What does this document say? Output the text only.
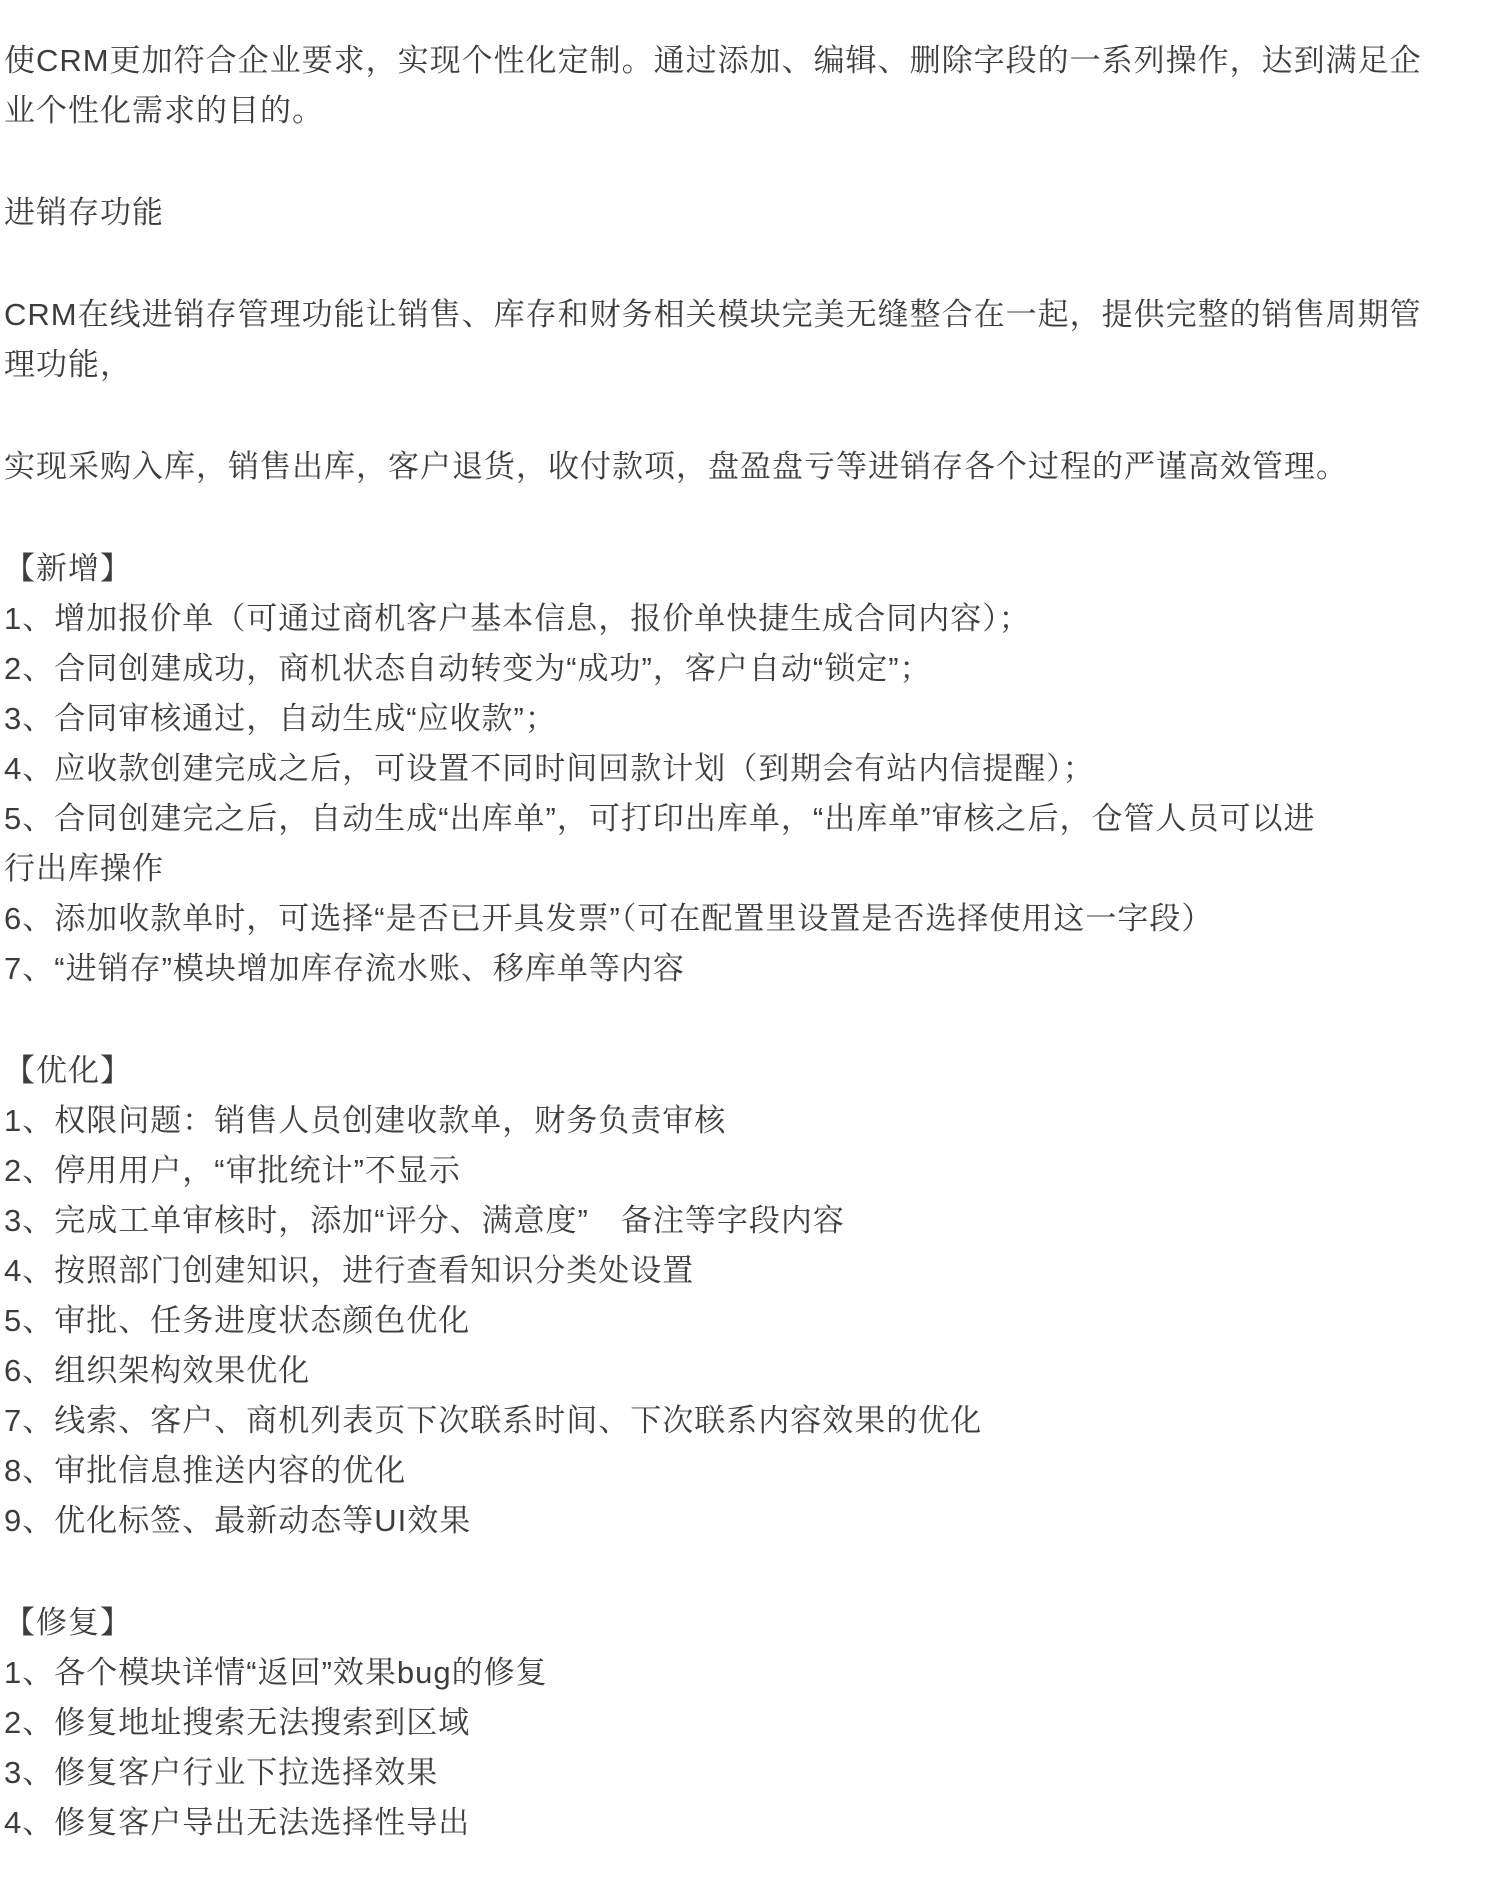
使CRM更加符合企业要求，实现个性化定制。通过添加、编辑、删除字段的一系列操作，达到满足企
业个性化需求的目的。
进销存功能
CRM在线进销存管理功能让销售、库存和财务相关模块完美无缝整合在一起，提供完整的销售周期管
理功能，
实现采购入库，销售出库，客户退货，收付款项，盘盈盘亏等进销存各个过程的严谨高效管理。
【新增】
1、增加报价单（可通过商机客户基本信息，报价单快捷生成合同内容）；
2、合同创建成功，商机状态自动转变为“成功”，客户自动“锁定”；
3、合同审核通过，自动生成“应收款”；
4、应收款创建完成之后，可设置不同时间回款计划（到期会有站内信提醒）；
5、合同创建完之后，自动生成“出库单”，可打印出库单，“出库单”审核之后，仓管人员可以进
行出库操作
6、添加收款单时，可选择“是否已开具发票”（可在配置里设置是否选择使用这一字段）
7、“进销存”模块增加库存流水账、移库单等内容
【优化】
1、权限问题：销售人员创建收款单，财务负责审核
2、停用用户，“审批统计”不显示
3、完成工单审核时，添加“评分、满意度”　备注等字段内容
4、按照部门创建知识，进行查看知识分类处设置
5、审批、任务进度状态颜色优化
6、组织架构效果优化
7、线索、客户、商机列表页下次联系时间、下次联系内容效果的优化
8、审批信息推送内容的优化
9、优化标签、最新动态等UI效果
【修复】
1、各个模块详情“返回”效果bug的修复
2、修复地址搜索无法搜索到区域
3、修复客户行业下拉选择效果
4、修复客户导出无法选择性导出
